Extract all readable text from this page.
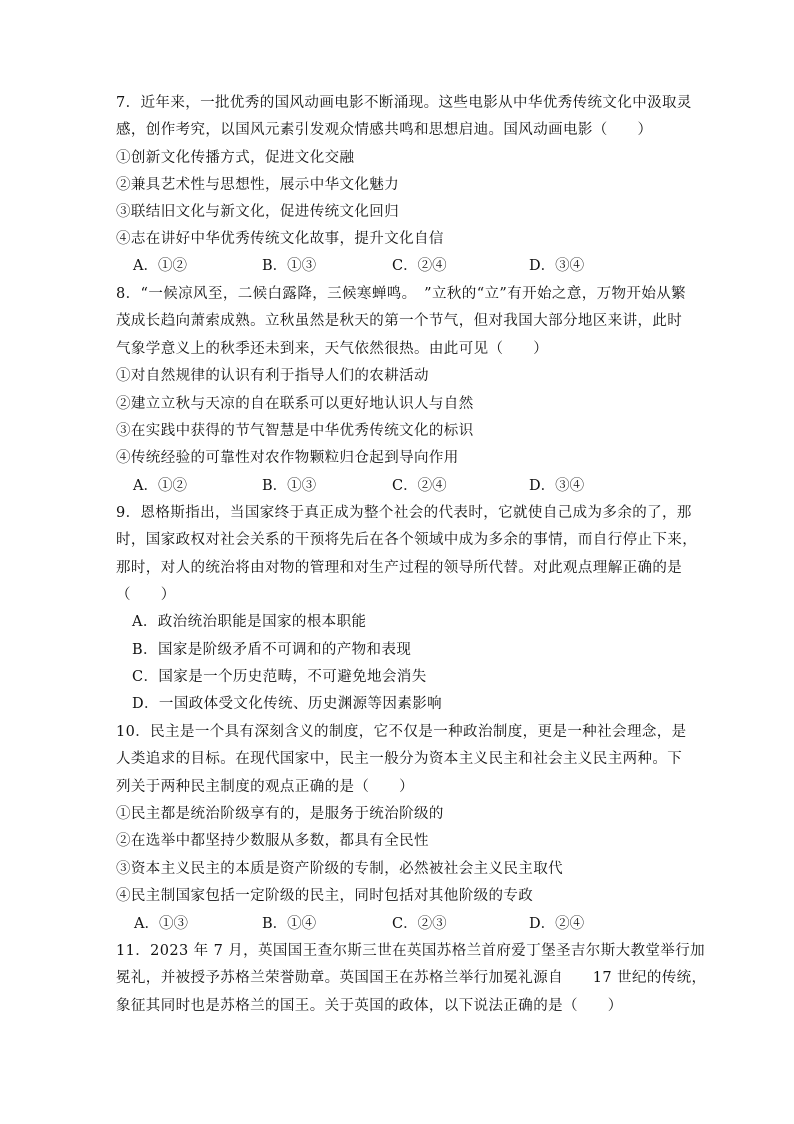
7．近年来，一批优秀的国风动画电影不断涌现。这些电影从中华优秀传统文化中汲取灵
感，创作考究，以国风元素引发观众情感共鸣和思想启迪。国风动画电影（　　）
①创新文化传播方式，促进文化交融
②兼具艺术性与思想性，展示中华文化魅力
③联结旧文化与新文化，促进传统文化回归
④志在讲好中华优秀传统文化故事，提升文化自信
A．①②	B．①③	C．②④	D．③④
8．“一候凉风至，二候白露降，三候寒蝉鸣。　”立秋的“立”有开始之意，万物开始从繁
茂成长趋向萧索成熟。立秋虽然是秋天的第一个节气，但对我国大部分地区来讲，此时
气象学意义上的秋季还未到来，天气依然很热。由此可见（　　）
①对自然规律的认识有利于指导人们的农耕活动
②建立立秋与天凉的自在联系可以更好地认识人与自然
③在实践中获得的节气智慧是中华优秀传统文化的标识
④传统经验的可靠性对农作物颗粒归仓起到导向作用
A．①②	B．①③	C．②④	D．③④
9．恩格斯指出，当国家终于真正成为整个社会的代表时，它就使自己成为多余的了，那
时，国家政权对社会关系的干预将先后在各个领域中成为多余的事情，而自行停止下来，
那时，对人的统治将由对物的管理和对生产过程的领导所代替。对此观点理解正确的是
（　　）
A．政治统治职能是国家的根本职能
B．国家是阶级矛盾不可调和的产物和表现
C．国家是一个历史范畴，不可避免地会消失
D．一国政体受文化传统、历史渊源等因素影响
10．民主是一个具有深刻含义的制度，它不仅是一种政治制度，更是一种社会理念，是
人类追求的目标。在现代国家中，民主一般分为资本主义民主和社会主义民主两种。下
列关于两种民主制度的观点正确的是（　　）
①民主都是统治阶级享有的，是服务于统治阶级的
②在选举中都坚持少数服从多数，都具有全民性
③资本主义民主的本质是资产阶级的专制，必然被社会主义民主取代
④民主制国家包括一定阶级的民主，同时包括对其他阶级的专政
A．①③	B．①④	C．②③	D．②④
11．2023 年 7 月，英国国王查尔斯三世在英国苏格兰首府爱丁堡圣吉尔斯大教堂举行加
冕礼，并被授予苏格兰荣誉勋章。英国国王在苏格兰举行加冕礼源自　　17 世纪的传统，
象征其同时也是苏格兰的国王。关于英国的政体，以下说法正确的是（　　）
